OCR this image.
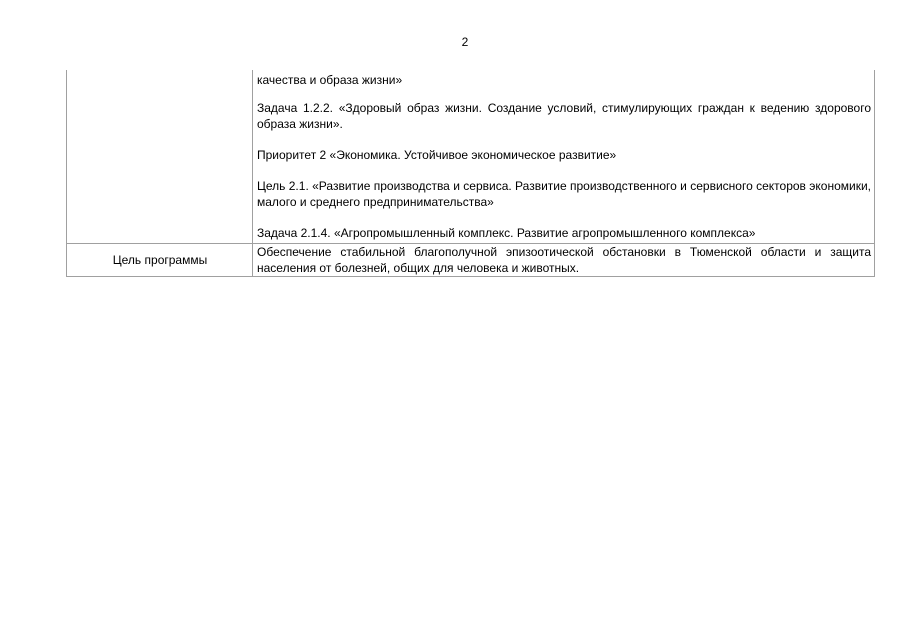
2

	качества и образа жизни»

Задача 1.2.2. «Здоровый образ жизни. Создание условий, стимулирующих граждан к ведению здорового образа жизни».

Приоритет 2 «Экономика. Устойчивое экономическое развитие»

Цель 2.1. «Развитие производства и сервиса. Развитие производственного и сервисного секторов экономики, малого и среднего предпринимательства»

Задача 2.1.4. «Агропромышленный комплекс. Развитие агропромышленного комплекса»

Цель программы	Обеспечение стабильной благополучной эпизоотической обстановки в Тюменской области и защита населения от болезней, общих для человека и животных.
